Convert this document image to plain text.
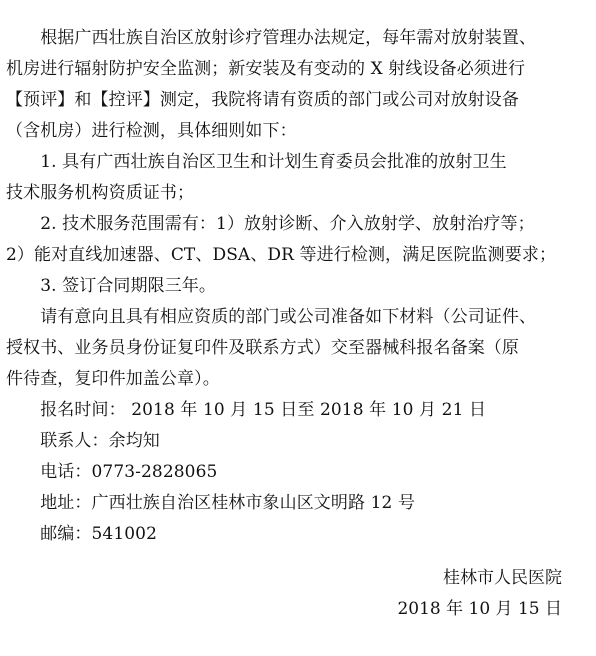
　　根据广西壮族自治区放射诊疗管理办法规定，每年需对放射装置、
机房进行辐射防护安全监测；新安装及有变动的 X 射线设备必须进行
【预评】和【控评】测定，我院将请有资质的部门或公司对放射设备
（含机房）进行检测，具体细则如下：
　　1. 具有广西壮族自治区卫生和计划生育委员会批准的放射卫生
技术服务机构资质证书；
　　2. 技术服务范围需有：1）放射诊断、介入放射学、放射治疗等；
2）能对直线加速器、CT、DSA、DR 等进行检测，满足医院监测要求；
　　3. 签订合同期限三年。
　　请有意向且具有相应资质的部门或公司准备如下材料（公司证件、
授权书、业务员身份证复印件及联系方式）交至器械科报名备案（原
件待查，复印件加盖公章）。
　　报名时间： 2018 年 10 月 15 日至 2018 年 10 月 21 日
　　联系人：余均知
　　电话：0773-2828065
　　地址：广西壮族自治区桂林市象山区文明路 12 号
　　邮编：541002
桂林市人民医院
2018 年 10 月 15 日
